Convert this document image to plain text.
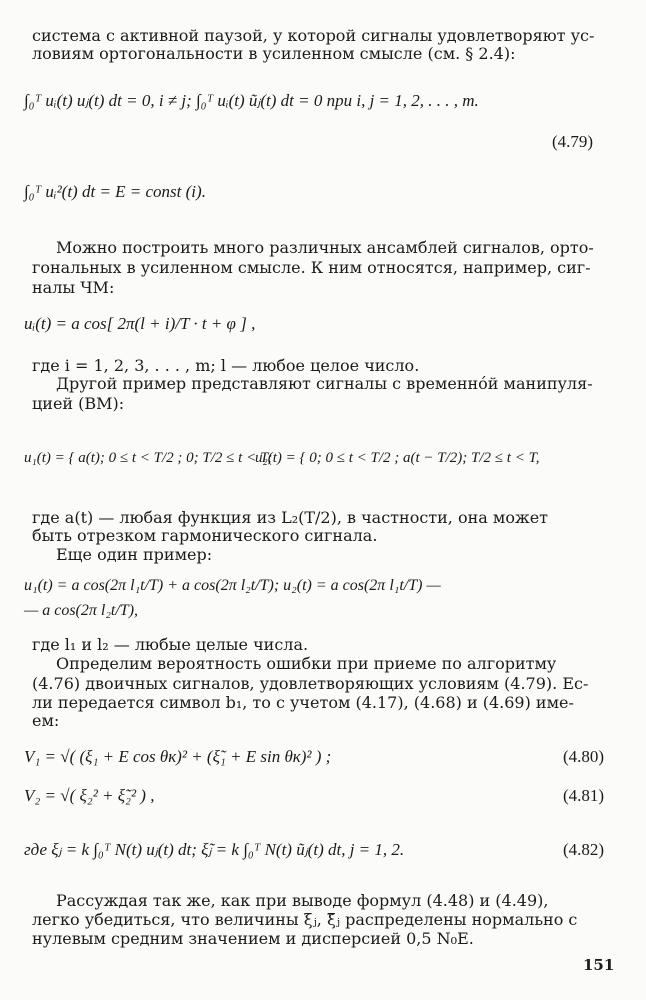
система с активной паузой, у которой сигналы удовлетворяют ус-
ловиям ортогональности в усиленном смысле (см. § 2.4):
∫₀ᵀ uᵢ(t) uⱼ(t) dt = 0, i ≠ j; ∫₀ᵀ uᵢ(t) ũⱼ(t) dt = 0 при i, j = 1, 2, . . . , m.
(4.79)
∫₀ᵀ uᵢ²(t) dt = E = const (i).
Можно построить много различных ансамблей сигналов, орто-
гональных в усиленном смысле. К ним относятся, например, сиг-
налы ЧМ:
uᵢ(t) = a cos[ 2π(l + i)/T · t + φ ] ,
где i = 1, 2, 3, . . . , m; l — любое целое число.
Другой пример представляют сигналы с временнóй манипуля-
цией (ВМ):
u₁(t) = { a(t); 0 ≤ t < T/2 ; 0; T/2 ≤ t < T;
u₂(t) = { 0; 0 ≤ t < T/2 ; a(t − T/2); T/2 ≤ t < T,
где a(t) — любая функция из L₂(T/2), в частности, она может
быть отрезком гармонического сигнала.
Еще один пример:
u₁(t) = a cos(2π l₁t/T) + a cos(2π l₂t/T); u₂(t) = a cos(2π l₁t/T) —
— a cos(2π l₂t/T),
где l₁ и l₂ — любые целые числа.
Определим вероятность ошибки при приеме по алгоритму
(4.76) двоичных сигналов, удовлетворяющих условиям (4.79). Ес-
ли передается символ b₁, то с учетом (4.17), (4.68) и (4.69) име-
ем:
V₁ = √( (ξ₁ + E cos θк)² + (ξ̃₁ + E sin θк)² ) ;	(4.80)
V₂ = √( ξ₂² + ξ̃₂² ) ,	(4.81)
где ξⱼ = k ∫₀ᵀ N(t) uⱼ(t) dt; ξ̃ⱼ = k ∫₀ᵀ N(t) ũⱼ(t) dt, j = 1, 2.	(4.82)
Рассуждая так же, как при выводе формул (4.48) и (4.49),
легко убедиться, что величины ξⱼ, ξ̃ⱼ распределены нормально с
нулевым средним значением и дисперсией 0,5 N₀E.
151
